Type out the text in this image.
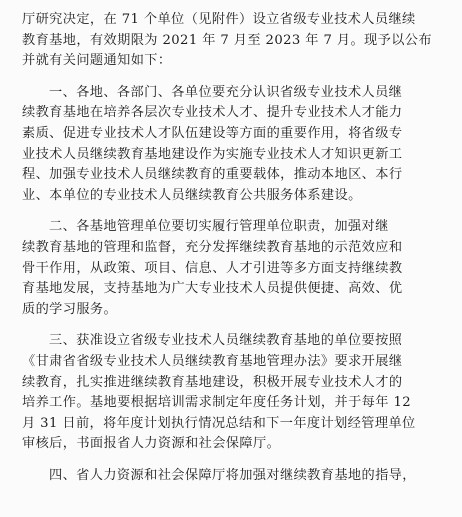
厅研究决定，在 71 个单位（见附件）设立省级专业技术人员继续
教育基地，有效期限为 2021 年 7 月至 2023 年 7 月。现予以公布
并就有关问题通知如下：
一、各地、各部门、各单位要充分认识省级专业技术人员继
续教育基地在培养各层次专业技术人才、提升专业技术人才能力
素质、促进专业技术人才队伍建设等方面的重要作用，将省级专
业技术人员继续教育基地建设作为实施专业技术人才知识更新工
程、加强专业技术人员继续教育的重要载体，推动本地区、本行
业、本单位的专业技术人员继续教育公共服务体系建设。
二、各基地管理单位要切实履行管理单位职责，加强对继
续教育基地的管理和监督，充分发挥继续教育基地的示范效应和
骨干作用，从政策、项目、信息、人才引进等多方面支持继续教
育基地发展，支持基地为广大专业技术人员提供便捷、高效、优
质的学习服务。
三、获准设立省级专业技术人员继续教育基地的单位要按照
《甘肃省省级专业技术人员继续教育基地管理办法》要求开展继
续教育，扎实推进继续教育基地建设，积极开展专业技术人才的
培养工作。基地要根据培训需求制定年度任务计划，并于每年 12
月 31 日前，将年度计划执行情况总结和下一年度计划经管理单位
审核后，书面报省人力资源和社会保障厅。
四、省人力资源和社会保障厅将加强对继续教育基地的指导，
